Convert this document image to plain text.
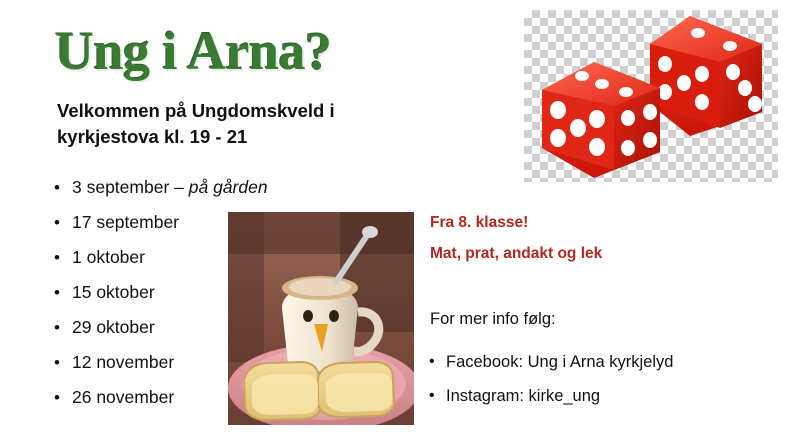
Ung i Arna?
Velkommen på Ungdomskveld i kyrkjestova kl. 19 - 21
• 3 september – på gården
• 17 september
• 1 oktober
• 15 oktober
• 29 oktober
• 12 november
• 26 november
Fra 8. klasse!
Mat, prat, andakt og lek
For mer info følg:
• Facebook: Ung i Arna kyrkjelyd
• Instagram: kirke_ung
